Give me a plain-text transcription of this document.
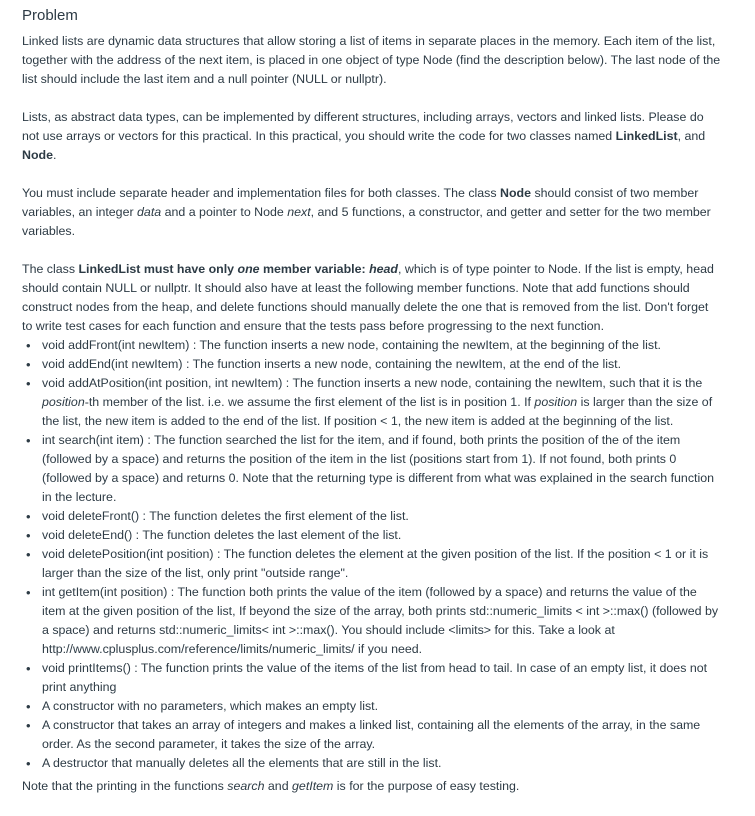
Problem

Linked lists are dynamic data structures that allow storing a list of items in separate places in the memory. Each item of the list, together with the address of the next item, is placed in one object of type Node (find the description below). The last node of the list should include the last item and a null pointer (NULL or nullptr).

Lists, as abstract data types, can be implemented by different structures, including arrays, vectors and linked lists. Please do not use arrays or vectors for this practical. In this practical, you should write the code for two classes named LinkedList, and Node.

You must include separate header and implementation files for both classes. The class Node should consist of two member variables, an integer data and a pointer to Node next, and 5 functions, a constructor, and getter and setter for the two member variables.

The class LinkedList must have only one member variable: head, which is of type pointer to Node. If the list is empty, head should contain NULL or nullptr. It should also have at least the following member functions. Note that add functions should construct nodes from the heap, and delete functions should manually delete the one that is removed from the list. Don't forget to write test cases for each function and ensure that the tests pass before progressing to the next function.

• void addFront(int newItem) : The function inserts a new node, containing the newItem, at the beginning of the list.
• void addEnd(int newItem) : The function inserts a new node, containing the newItem, at the end of the list.
• void addAtPosition(int position, int newItem) : The function inserts a new node, containing the newItem, such that it is the position-th member of the list. i.e. we assume the first element of the list is in position 1. If position is larger than the size of the list, the new item is added to the end of the list. If position < 1, the new item is added at the beginning of the list.
• int search(int item) : The function searched the list for the item, and if found, both prints the position of the of the item (followed by a space) and returns the position of the item in the list (positions start from 1). If not found, both prints 0 (followed by a space) and returns 0. Note that the returning type is different from what was explained in the search function in the lecture.
• void deleteFront() : The function deletes the first element of the list.
• void deleteEnd() : The function deletes the last element of the list.
• void deletePosition(int position) : The function deletes the element at the given position of the list. If the position < 1 or it is larger than the size of the list, only print "outside range".
• int getItem(int position) : The function both prints the value of the item (followed by a space) and returns the value of the item at the given position of the list, If beyond the size of the array, both prints std::numeric_limits < int >::max() (followed by a space) and returns std::numeric_limits< int >::max(). You should include <limits> for this. Take a look at http://www.cplusplus.com/reference/limits/numeric_limits/ if you need.
• void printItems() : The function prints the value of the items of the list from head to tail. In case of an empty list, it does not print anything
• A constructor with no parameters, which makes an empty list.
• A constructor that takes an array of integers and makes a linked list, containing all the elements of the array, in the same order. As the second parameter, it takes the size of the array.
• A destructor that manually deletes all the elements that are still in the list.

Note that the printing in the functions search and getItem is for the purpose of easy testing.
